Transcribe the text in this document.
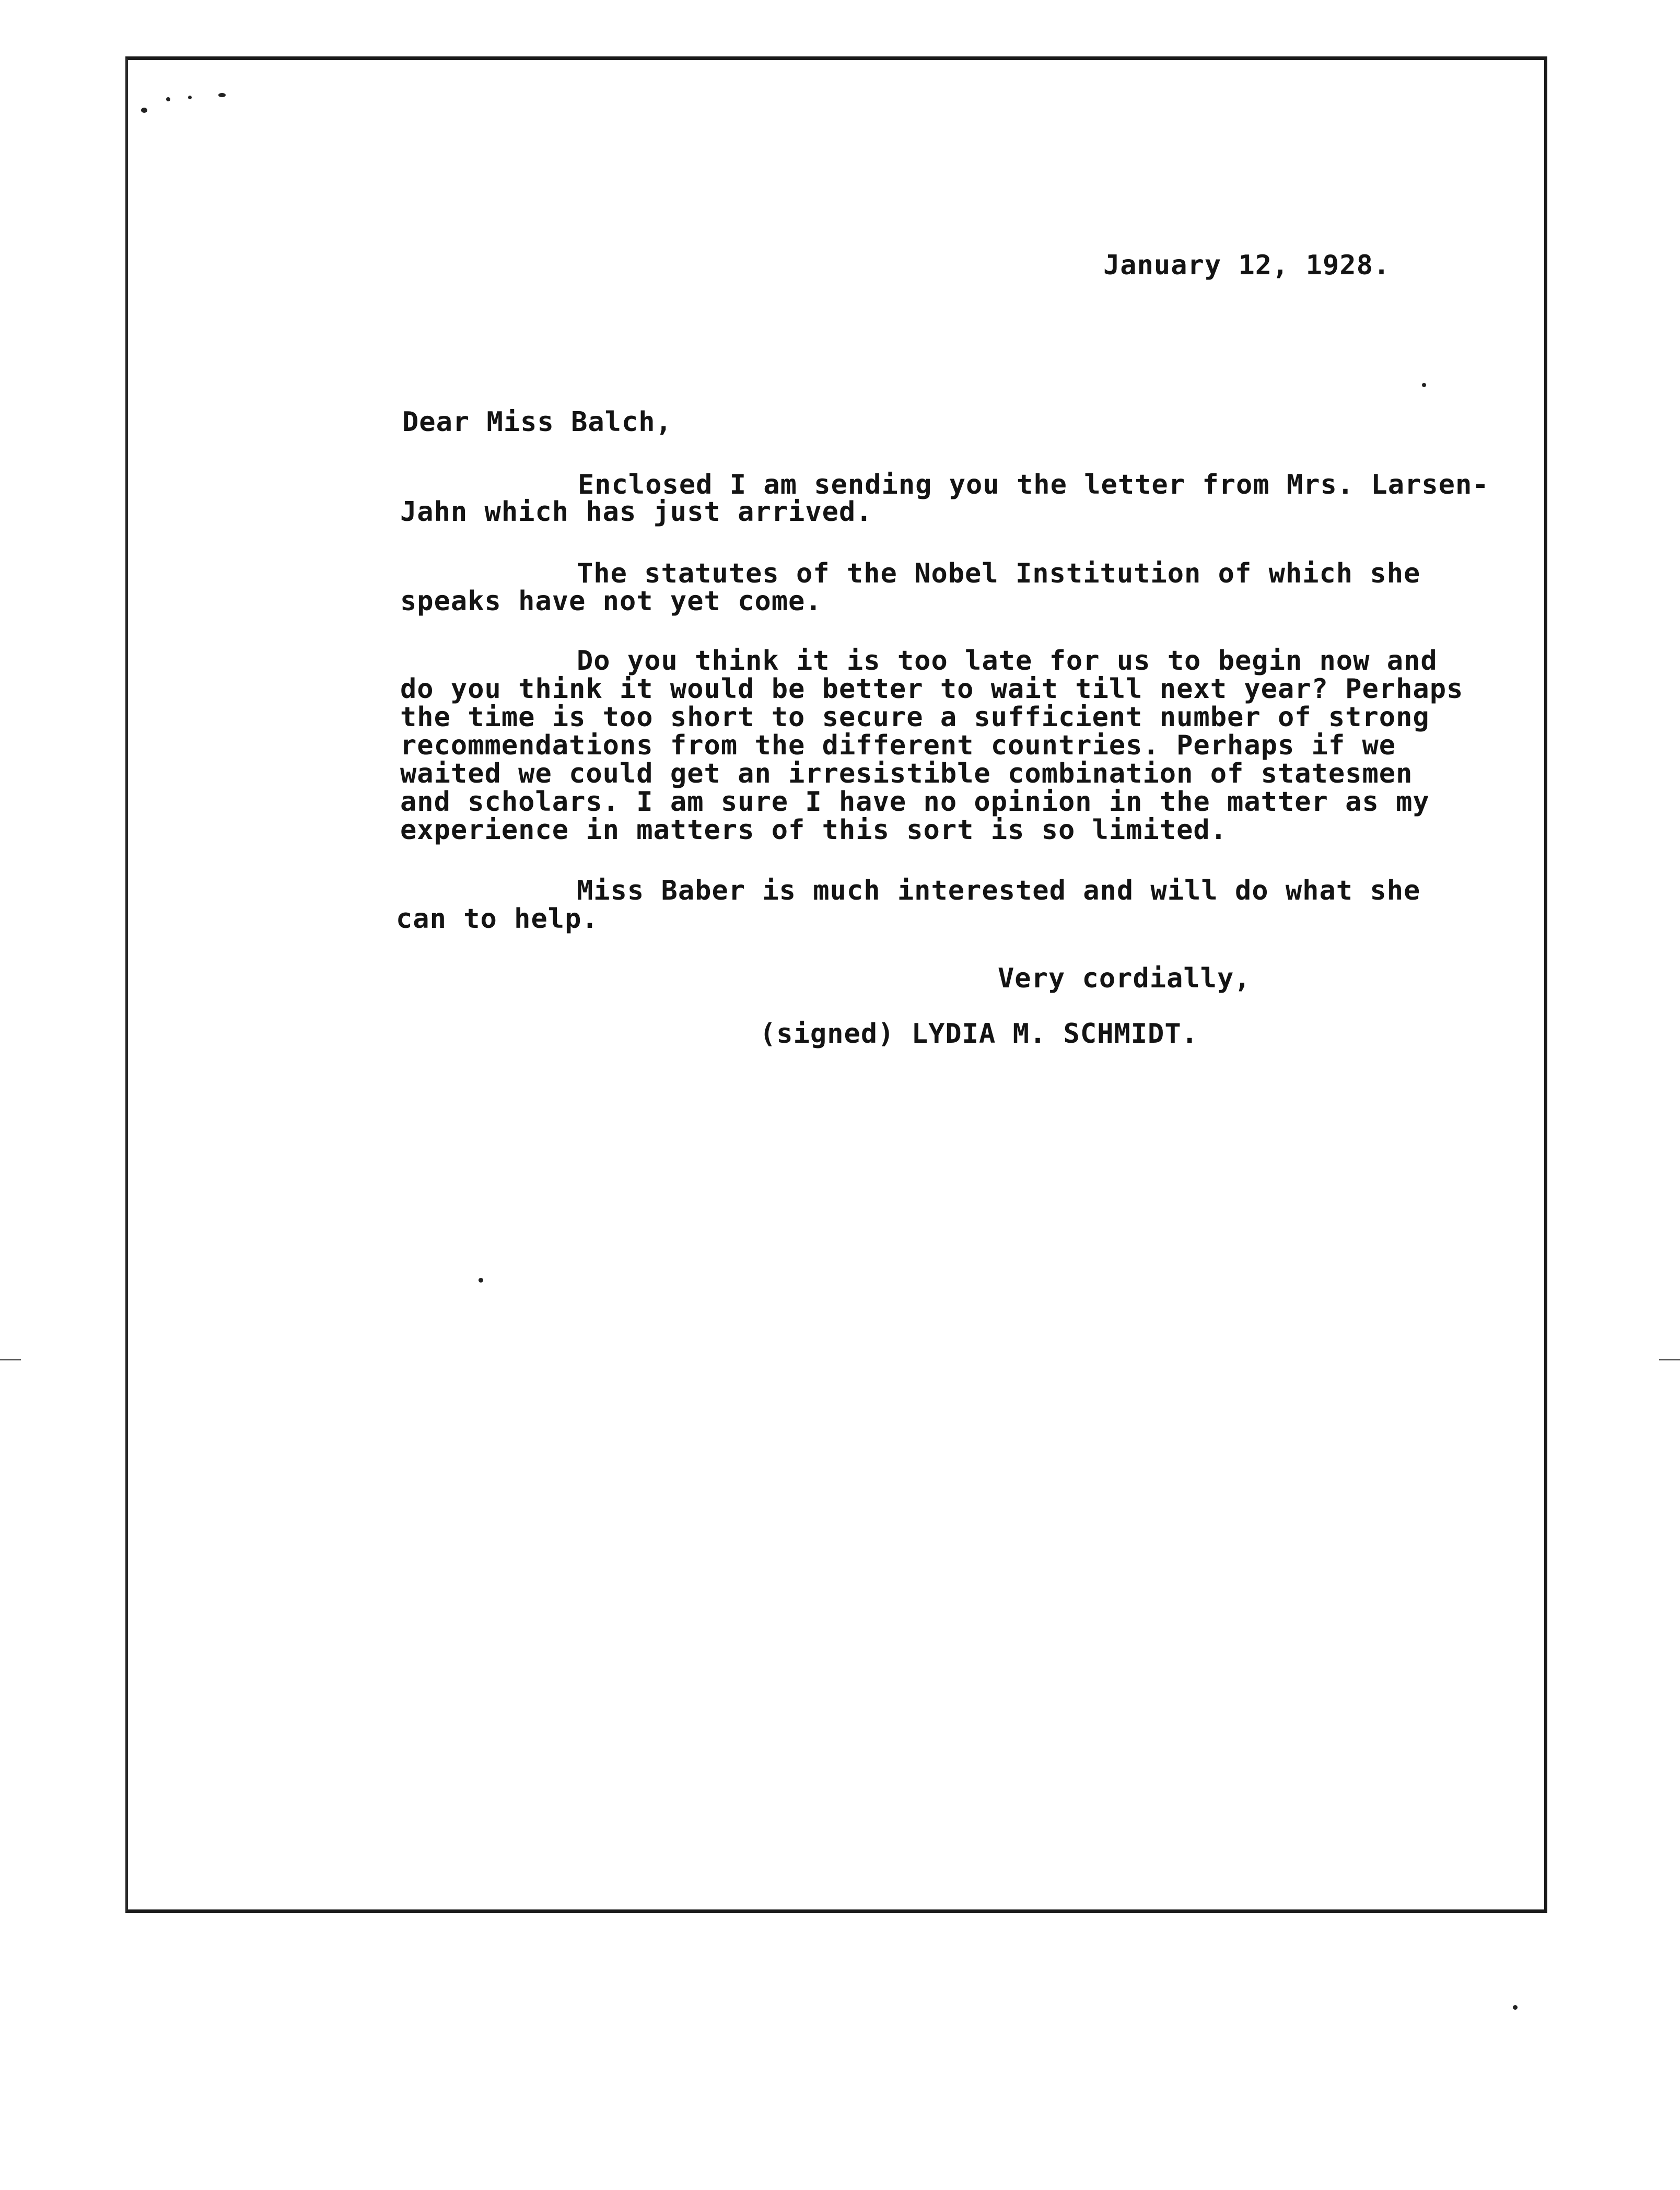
January 12, 1928.

Dear Miss Balch,

Enclosed I am sending you the letter from Mrs. Larsen-

Jahn which has just arrived.

The statutes of the Nobel Institution of which she

speaks have not yet come.

Do you think it is too late for us to begin now and

do you think it would be better to wait till next year? Perhaps

the time is too short to secure a sufficient number of strong

recommendations from the different countries. Perhaps if we

waited we could get an irresistible combination of statesmen

and scholars. I am sure I have no opinion in the matter as my

experience in matters of this sort is so limited.

Miss Baber is much interested and will do what she

can to help.

Very cordially,

(signed) LYDIA M. SCHMIDT.
